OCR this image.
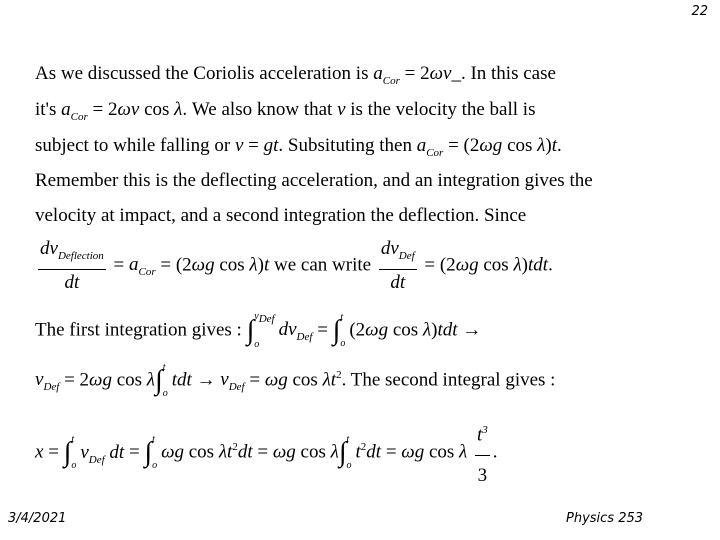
22
As we discussed the Coriolis acceleration is $a_{Cor}$ = 2ωv_. In this case
it's $a_{Cor} = 2\omega v$ cos λ. We also know that v is the velocity the ball is
subject to while falling or v = gt. Subsituting then $a_{Cor} = (2\omega g$ cos λ)t.
Remember this is the deflecting acceleration, and an integration gives the
velocity at impact, and a second integration the deflection. Since
$\frac{dv_{Deflection}}{dt} = a_{Cor} = (2\omega g$ cos λ)t we can write $\frac{dv_{Def}}{dt} = (2\omega g$ cos λ)tdt.
The first integration gives : ∫ $v_{Def}$
o
$dv_{Def}$ = ∫ t
o
(2ωg cos λ)tdt →
$v_{Def} = 2\omega g$ cos λ∫ t
o
tdt → $v_{Def} = \omega g$ $\cos \lambda t^2$. The second integral gives :
x = ∫ t
o
$v_{Def}$ dt = ∫ t
o
ωg $\cos \lambda t^2dt = \omega g$ cos λ∫ t
o
$t^2dt = \omega g$ cos λ $\frac{t^3}{3}$ .
3/4/2021	Physics 253
